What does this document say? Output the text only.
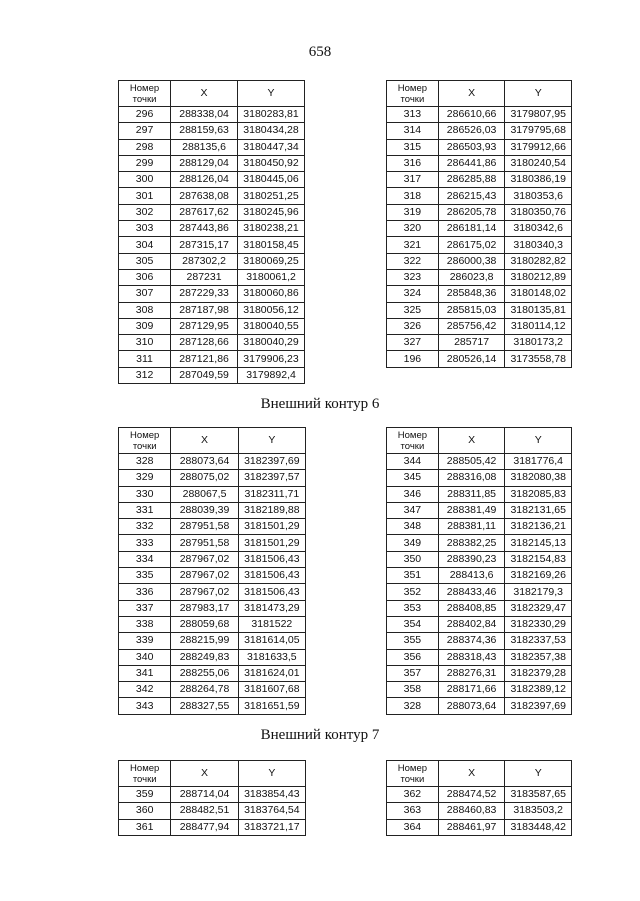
658
Номер
точки	X	Y
296	288338,04	3180283,81
297	288159,63	3180434,28
298	288135,6	3180447,34
299	288129,04	3180450,92
300	288126,04	3180445,06
301	287638,08	3180251,25
302	287617,62	3180245,96
303	287443,86	3180238,21
304	287315,17	3180158,45
305	287302,2	3180069,25
306	287231	3180061,2
307	287229,33	3180060,86
308	287187,98	3180056,12
309	287129,95	3180040,55
310	287128,66	3180040,29
311	287121,86	3179906,23
312	287049,59	3179892,4
Номер
точки	X	Y
313	286610,66	3179807,95
314	286526,03	3179795,68
315	286503,93	3179912,66
316	286441,86	3180240,54
317	286285,88	3180386,19
318	286215,43	3180353,6
319	286205,78	3180350,76
320	286181,14	3180342,6
321	286175,02	3180340,3
322	286000,38	3180282,82
323	286023,8	3180212,89
324	285848,36	3180148,02
325	285815,03	3180135,81
326	285756,42	3180114,12
327	285717	3180173,2
196	280526,14	3173558,78
Внешний контур 6
Номер
точки	X	Y
328	288073,64	3182397,69
329	288075,02	3182397,57
330	288067,5	3182311,71
331	288039,39	3182189,88
332	287951,58	3181501,29
333	287951,58	3181501,29
334	287967,02	3181506,43
335	287967,02	3181506,43
336	287967,02	3181506,43
337	287983,17	3181473,29
338	288059,68	3181522
339	288215,99	3181614,05
340	288249,83	3181633,5
341	288255,06	3181624,01
342	288264,78	3181607,68
343	288327,55	3181651,59
Номер
точки	X	Y
344	288505,42	3181776,4
345	288316,08	3182080,38
346	288311,85	3182085,83
347	288381,49	3182131,65
348	288381,11	3182136,21
349	288382,25	3182145,13
350	288390,23	3182154,83
351	288413,6	3182169,26
352	288433,46	3182179,3
353	288408,85	3182329,47
354	288402,84	3182330,29
355	288374,36	3182337,53
356	288318,43	3182357,38
357	288276,31	3182379,28
358	288171,66	3182389,12
328	288073,64	3182397,69
Внешний контур 7
Номер
точки	X	Y
359	288714,04	3183854,43
360	288482,51	3183764,54
361	288477,94	3183721,17
Номер
точки	X	Y
362	288474,52	3183587,65
363	288460,83	3183503,2
364	288461,97	3183448,42
